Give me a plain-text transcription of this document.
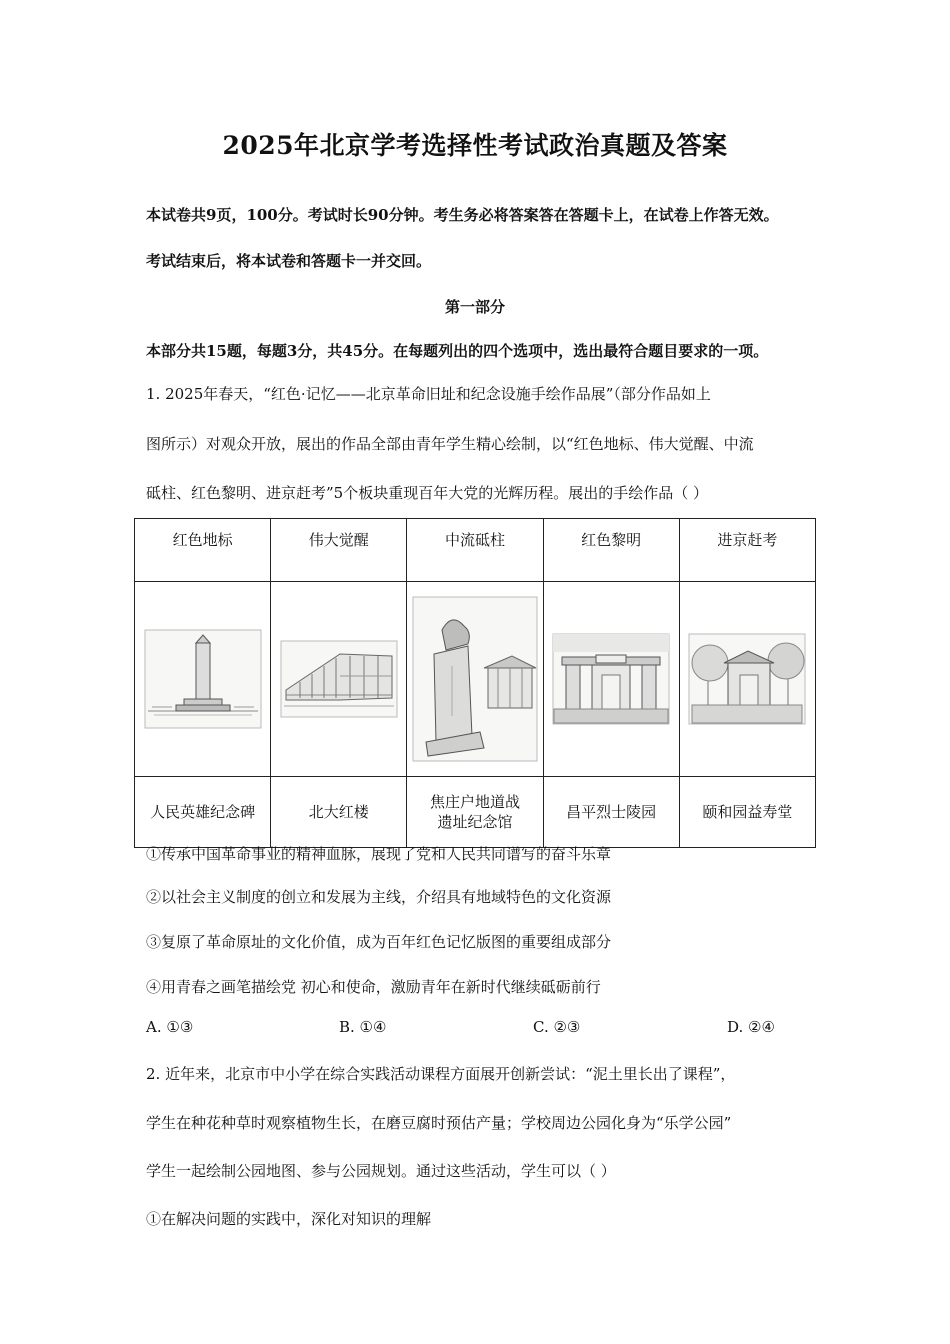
2025年北京学考选择性考试政治真题及答案
本试卷共9页，100分。考试时长90分钟。考生务必将答案答在答题卡上，在试卷上作答无效。
考试结束后，将本试卷和答题卡一并交回。
第一部分
本部分共15题，每题3分，共45分。在每题列出的四个选项中，选出最符合题目要求的一项。
1. 2025年春天，“红色·记忆——北京革命旧址和纪念设施手绘作品展”（部分作品如上
图所示）对观众开放，展出的作品全部由青年学生精心绘制，以“红色地标、伟大觉醒、中流
砥柱、红色黎明、进京赶考”5个板块重现百年大党的光辉历程。展出的手绘作品（ ）
红色地标	伟大觉醒	中流砥柱	红色黎明	进京赶考

人民英雄纪念碑	北大红楼	焦庄户地道战遗址纪念馆	昌平烈士陵园	颐和园益寿堂
①传承中国革命事业的精神血脉，展现了党和人民共同谱写的奋斗乐章
②以社会主义制度的创立和发展为主线，介绍具有地域特色的文化资源
③复原了革命原址的文化价值，成为百年红色记忆版图的重要组成部分
④用青春之画笔描绘党 初心和使命，激励青年在新时代继续砥砺前行
A. ①③	B. ①④	C. ②③	D. ②④
2. 近年来，北京市中小学在综合实践活动课程方面展开创新尝试：“泥土里长出了课程”，
学生在种花种草时观察植物生长，在磨豆腐时预估产量；学校周边公园化身为“乐学公园”
学生一起绘制公园地图、参与公园规划。通过这些活动，学生可以（ ）
①在解决问题的实践中，深化对知识的理解
